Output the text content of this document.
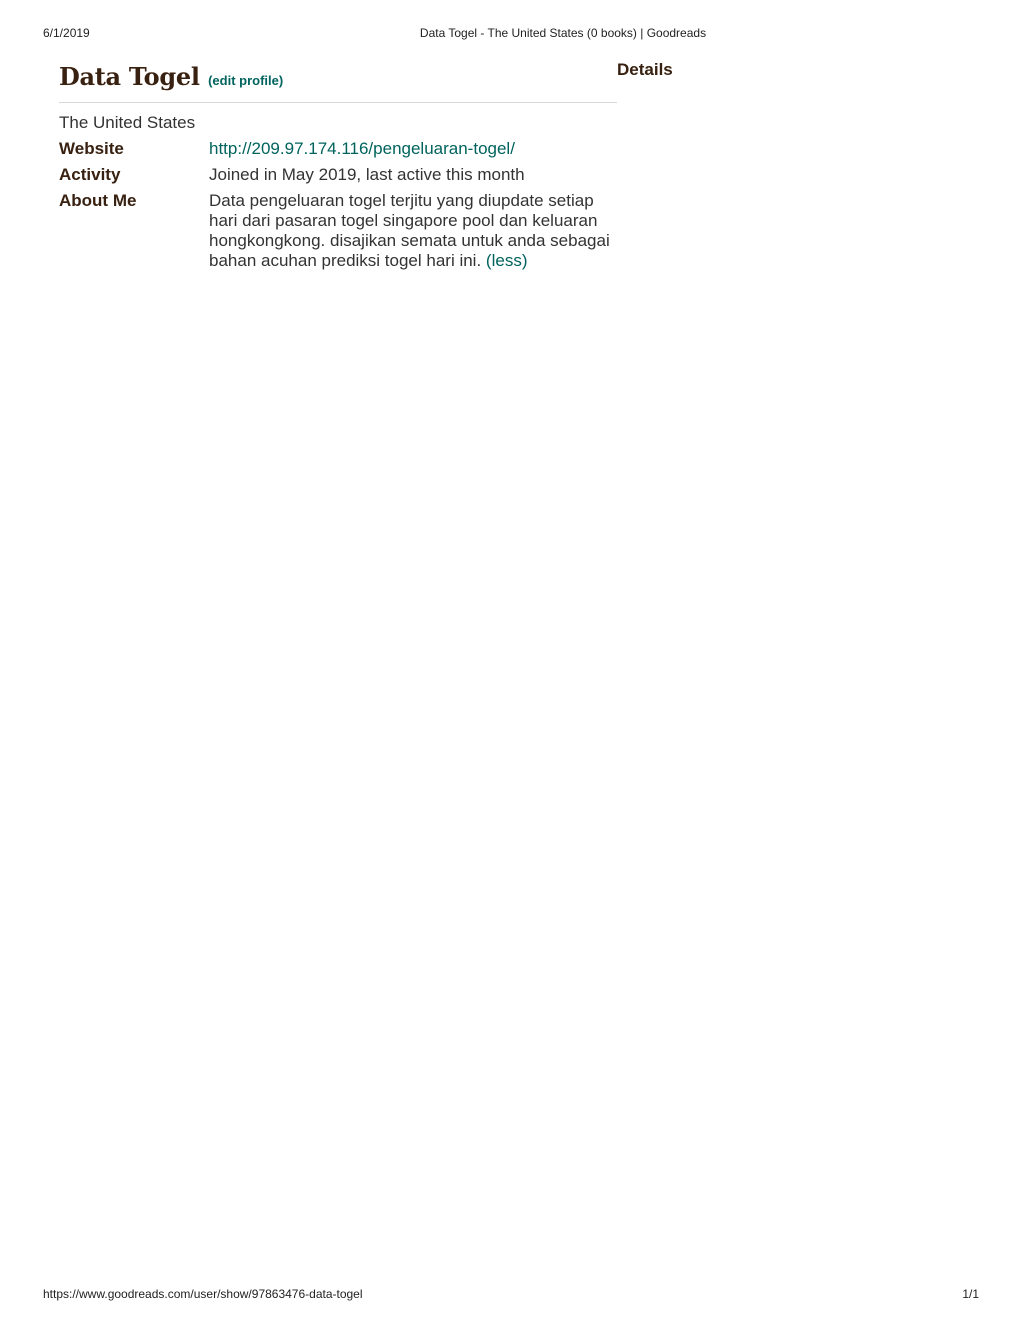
6/1/2019	Data Togel - The United States (0 books) | Goodreads
Data Togel (edit profile)
The United States
Website	http://209.97.174.116/pengeluaran-togel/
Activity	Joined in May 2019, last active this month
About Me	Data pengeluaran togel terjitu yang diupdate setiap hari dari pasaran togel singapore pool dan keluaran hongkongkong. disajikan semata untuk anda sebagai bahan acuhan prediksi togel hari ini. (less)
Details
https://www.goodreads.com/user/show/97863476-data-togel	1/1
